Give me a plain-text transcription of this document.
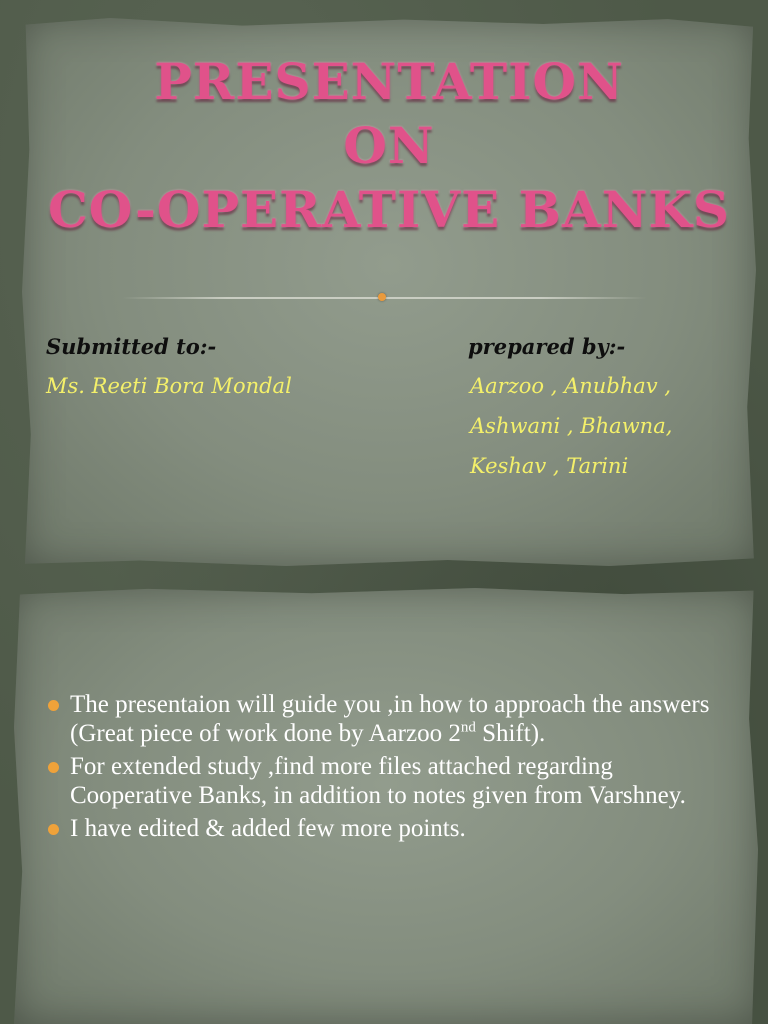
PRESENTATION
ON
CO-OPERATIVE BANKS
Submitted to:-
Ms. Reeti Bora Mondal
prepared by:-
Aarzoo , Anubhav ,
Ashwani , Bhawna,
Keshav , Tarini
The presentaion will guide you ,in how to approach the answers (Great piece of work done by Aarzoo 2nd Shift).
For extended study ,find more files attached regarding Cooperative Banks, in addition to notes given from Varshney.
I have edited & added few more points.
